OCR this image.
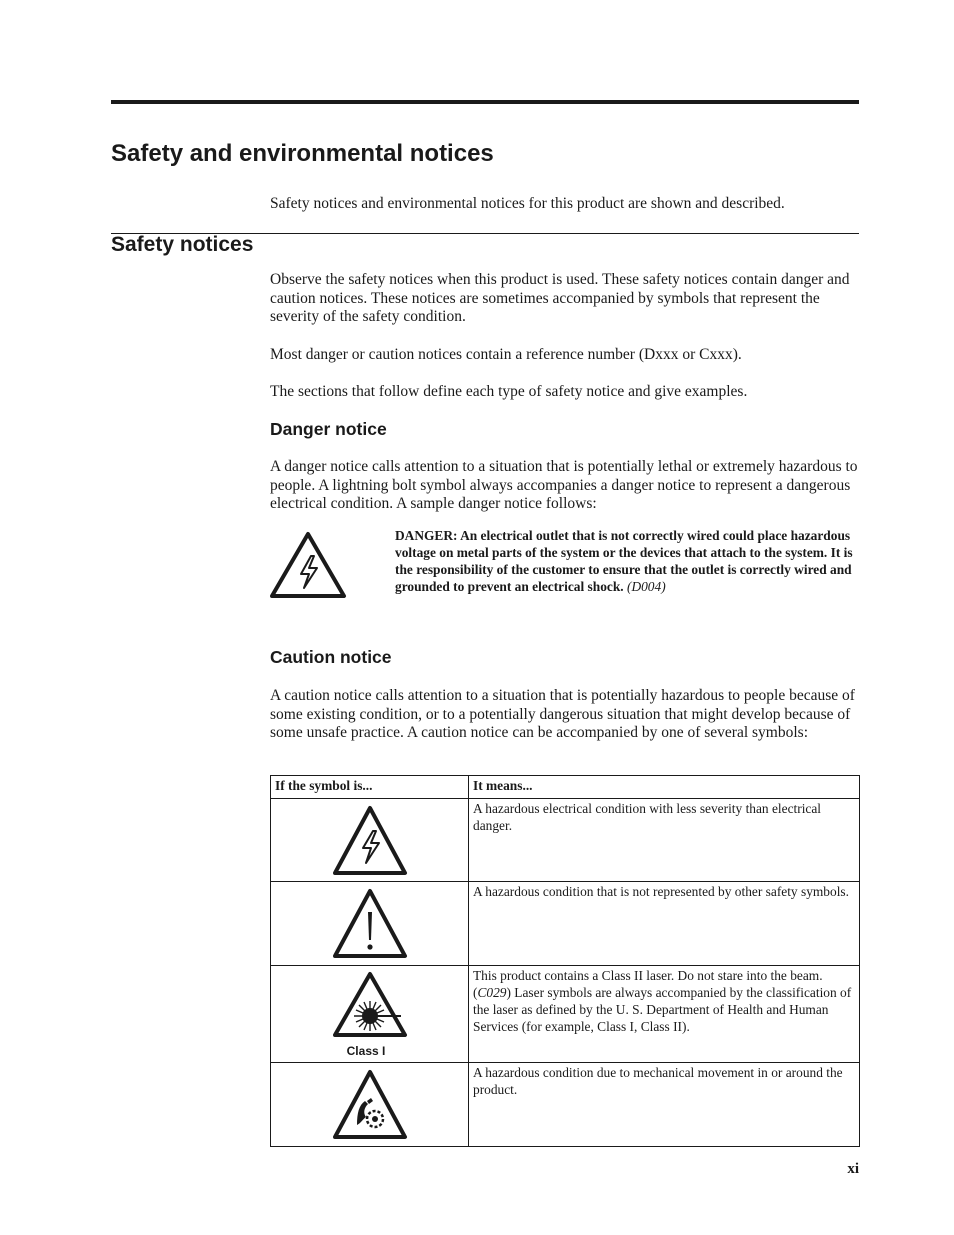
Safety and environmental notices

Safety notices and environmental notices for this product are shown and described.

Safety notices

Observe the safety notices when this product is used. These safety notices contain danger and caution notices. These notices are sometimes accompanied by symbols that represent the severity of the safety condition.

Most danger or caution notices contain a reference number (Dxxx or Cxxx).

The sections that follow define each type of safety notice and give examples.

Danger notice

A danger notice calls attention to a situation that is potentially lethal or extremely hazardous to people. A lightning bolt symbol always accompanies a danger notice to represent a dangerous electrical condition. A sample danger notice follows:

DANGER: An electrical outlet that is not correctly wired could place hazardous voltage on metal parts of the system or the devices that attach to the system. It is the responsibility of the customer to ensure that the outlet is correctly wired and grounded to prevent an electrical shock. (D004)

Caution notice

A caution notice calls attention to a situation that is potentially hazardous to people because of some existing condition, or to a potentially dangerous situation that might develop because of some unsafe practice. A caution notice can be accompanied by one of several symbols:

If the symbol is...	It means...

	A hazardous electrical condition with less severity than electrical danger.

	A hazardous condition that is not represented by other safety symbols.

Class I	This product contains a Class II laser. Do not stare into the beam. (C029) Laser symbols are always accompanied by the classification of the laser as defined by the U. S. Department of Health and Human Services (for example, Class I, Class II).

	A hazardous condition due to mechanical movement in or around the product.
xi
